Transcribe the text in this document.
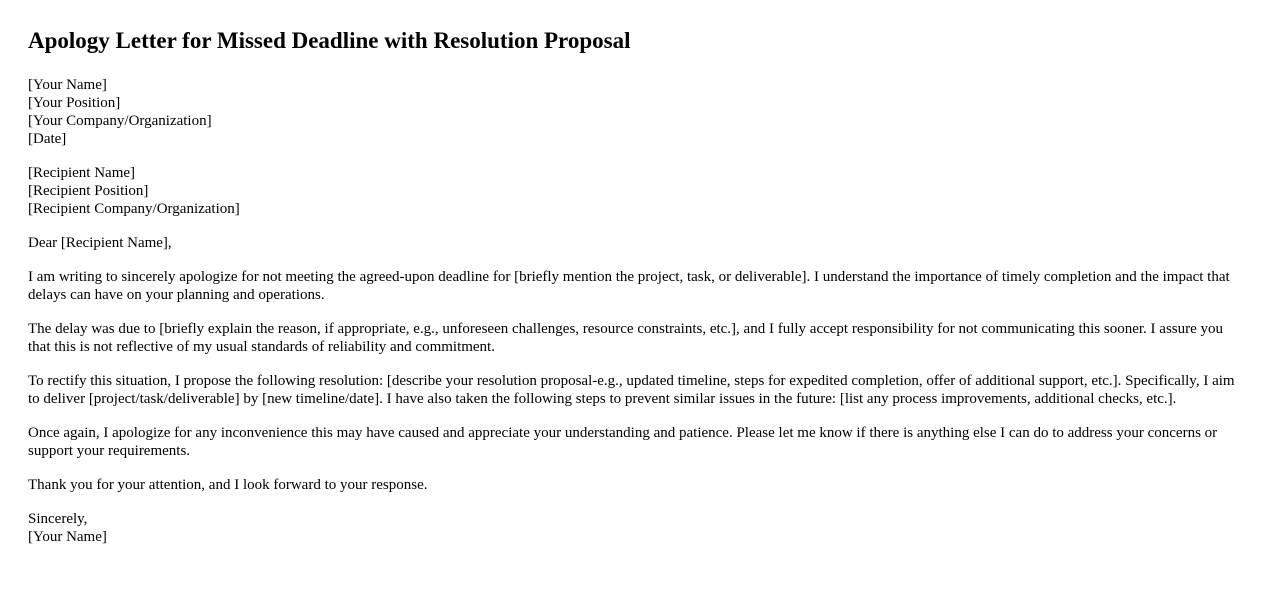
Apology Letter for Missed Deadline with Resolution Proposal
[Your Name]
[Your Position]
[Your Company/Organization]
[Date]
[Recipient Name]
[Recipient Position]
[Recipient Company/Organization]
Dear [Recipient Name],

I am writing to sincerely apologize for not meeting the agreed-upon deadline for [briefly mention the project, task, or deliverable]. I understand the importance of timely completion and the impact that delays can have on your planning and operations.

The delay was due to [briefly explain the reason, if appropriate, e.g., unforeseen challenges, resource constraints, etc.], and I fully accept responsibility for not communicating this sooner. I assure you that this is not reflective of my usual standards of reliability and commitment.

To rectify this situation, I propose the following resolution: [describe your resolution proposal-e.g., updated timeline, steps for expedited completion, offer of additional support, etc.]. Specifically, I aim to deliver [project/task/deliverable] by [new timeline/date]. I have also taken the following steps to prevent similar issues in the future: [list any process improvements, additional checks, etc.].

Once again, I apologize for any inconvenience this may have caused and appreciate your understanding and patience. Please let me know if there is anything else I can do to address your concerns or support your requirements.

Thank you for your attention, and I look forward to your response.

Sincerely,
[Your Name]
